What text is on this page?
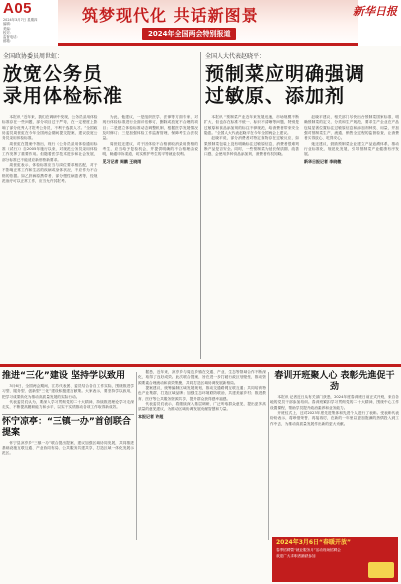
A05
2024年3月7日 星期四
编辑：
美编：
校对：
监督电话：
邮箱：
筑梦现代化 共话新图景
2024年全国两会特别报道
新华日报
全国政协委员周世虹：
放宽公务员
录用体检标准

本报讯 “近年来，我们在调研中发现，公务员录用体检标准存在一些问题，部分项目过于严苛，在一定程度上影响了部分优秀人才报考公务员，不利于选拔人才。”全国政协委员周世虹在今年全国两会期间提交提案，建议放宽公务员录用体检标准。

周世虹在提案中指出，现行《公务员录用体检通用标准（试行）》自2005年施行以来，对规范公务员录用体检工作发挥了重要作用。但随着医学技术进步和社会发展，部分标准已不能适应新形势新要求。

周世虹表示，体检标准应当与岗位要求相匹配，对于不影响正常工作和生活的疾病或身体状况，不应作为不合格的依据。如乙肝病原携带者、部分慢性病患者等，经规范治疗可以正常工作，应当允许其报考。

为此，他建议，一是组织医学、法律等方面专家，对现行体检标准进行全面评估修订，删除或放宽不合理的项目；二是建立体检标准动态调整机制，根据医学发展情况及时修订；三是加强体检工作监督管理，保障考生合法权益。

周世虹还建议，对于因体检不合格被取消录用资格的考生，应当给予复检机会，并提供明确的不合格理由说明，畅通申诉渠道，切实维护考生的平等就业权利。

见习记者 周鹏 王晓雨

全国人大代表赵晓平：
预制菜应明确强调
过敏原、添加剂

本报讯 “预制菜产业近年来发展迅速，市场规模不断扩大，但也存在标准不统一、标识不清晰等问题，特别是过敏原和食品添加剂的标注不够规范，给消费者带来安全隐患。”全国人大代表赵晓平在今年全国两会上建议。

赵晓平说，部分消费者对特定食物存在过敏反应，如果预制菜包装上没有明确标注过敏原信息，消费者很难判断产品是否安全。同时，一些预制菜为延长保质期、改善口感，会使用多种食品添加剂，消费者有权知晓。

赵晓平建议，相关部门尽快出台预制菜国家标准，明确预制菜的定义、分类和生产规范，要求生产企业在产品包装显著位置标注过敏原信息和添加剂种类、用量，并加强对预制菜生产、流通、销售全过程的监督检查，让消费者买得放心、吃得安心。

她还建议，鼓励预制菜企业建立产品追溯体系，推动行业标准化、规范化发展，引导预制菜产业健康有序发展。

新华日报记者 李晓敏

推进“三化”建设 坚持学以致用

3月6日，全国两会期间，江苏代表团、委员结合各自工作实际，围绕推进学习型、服务型、创新型“三化”建设积极建言献策。大家表示，要坚持学以致用，把学习成果转化为推动高质量发展的实际行动。

代表委员们认为，要深入学习贯彻党的二十大精神，持续推进理论学习走深走实，不断提高履职能力和水平，以实干实绩推动各项工作取得新成效。

怀宁凉亭：“三镇一办”首创联合提案

怀宁县凉亭乡“三镇一办”联合提出提案，建议加强区域协同发展，共同推进基础设施互联互通、产业协同布局、公共服务共建共享，打造区域一体化发展示范区。

据悉，近年来，凉亭乡与周边乡镇在交通、产业、生态等领域合作不断深化，取得了良好成效。此次联合提案，旨在进一步打破行政区划壁垒，推动资源要素合理流动和高效集聚，共同打造区域协调发展新格局。

提案建议，统筹编制区域发展规划，推动交通路网互联互通；共同培育特色产业集群，打造区域品牌；加强生态环境联防联治，共建美丽乡村；推进教育、医疗等公共服务资源共享，提升群众获得感幸福感。

代表委员们表示，将继续深入基层调研，广泛听取群众意见，提出更多高质量的意见建议，为推动区域协调发展贡献智慧和力量。

本报记者 许超

春训开班聚人心 表彰先進促干劲

本报讯 记者近日从有关部门获悉，2024年度春训班日前正式开班，来自各地的党员干部参加培训。春训班紧扣学习贯彻党的二十大精神，围绕中心工作设置课程，帮助学员提升政治素养和业务能力。

开班仪式上，还对2023年度先进集体和先进个人进行了表彰。受表彰代表纷纷表示，将珍惜荣誉、再接再厉，在新的一年里以更加饱满的热情投入到工作中去，为推动高质量发展作出新的更大贡献。

2024年3月6日“春暖开放”
春季招聘暨“就业服务月”活动现场招聘会
欢迎广大求职者踊跃参加
